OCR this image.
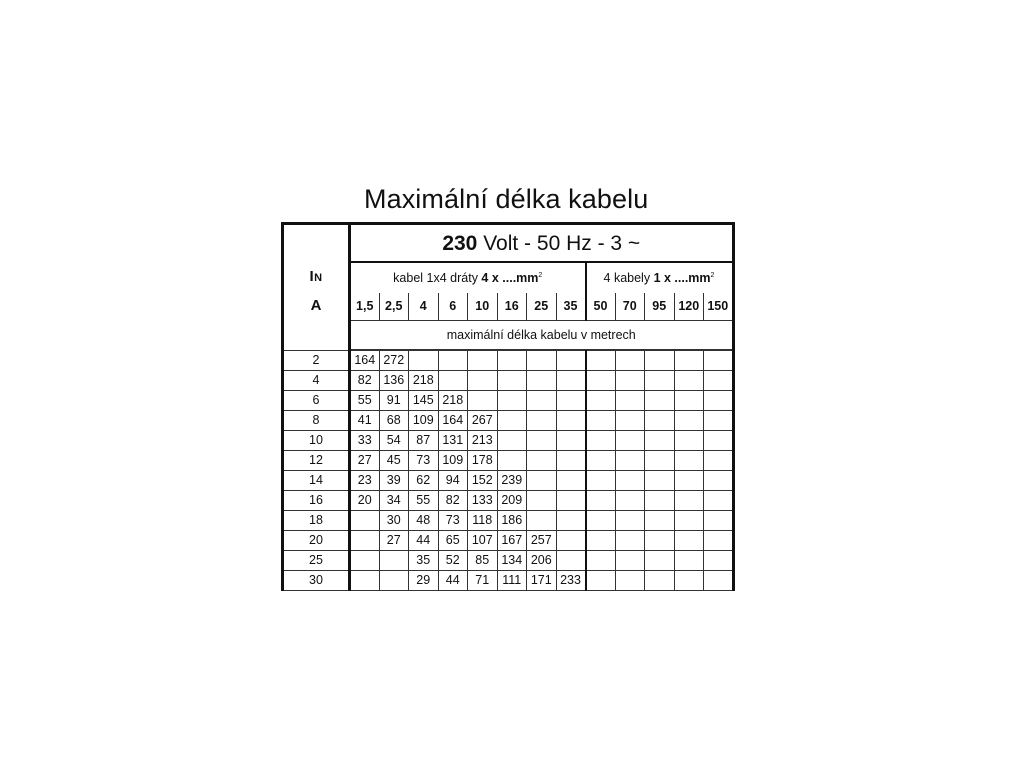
Maximální délka kabelu
IN
A	230 Volt - 50 Hz - 3 ~												
	kabel 1x4 dráty 4 x $....mm^2$								4 kabely 1 x $....mm^2$
	1,5	2,5	4	6	10	16	25	35	50	70	95	120	150
	maximální délka kabelu v metrech												

2	164	272											
4	82	136	218										
6	55	91	145	218									
8	41	68	109	164	267								
10	33	54	87	131	213								
12	27	45	73	109	178								
14	23	39	62	94	152	239							
16	20	34	55	82	133	209							
18		30	48	73	118	186							
20		27	44	65	107	167	257						
25			35	52	85	134	206						
30			29	44	71	111	171	233					
